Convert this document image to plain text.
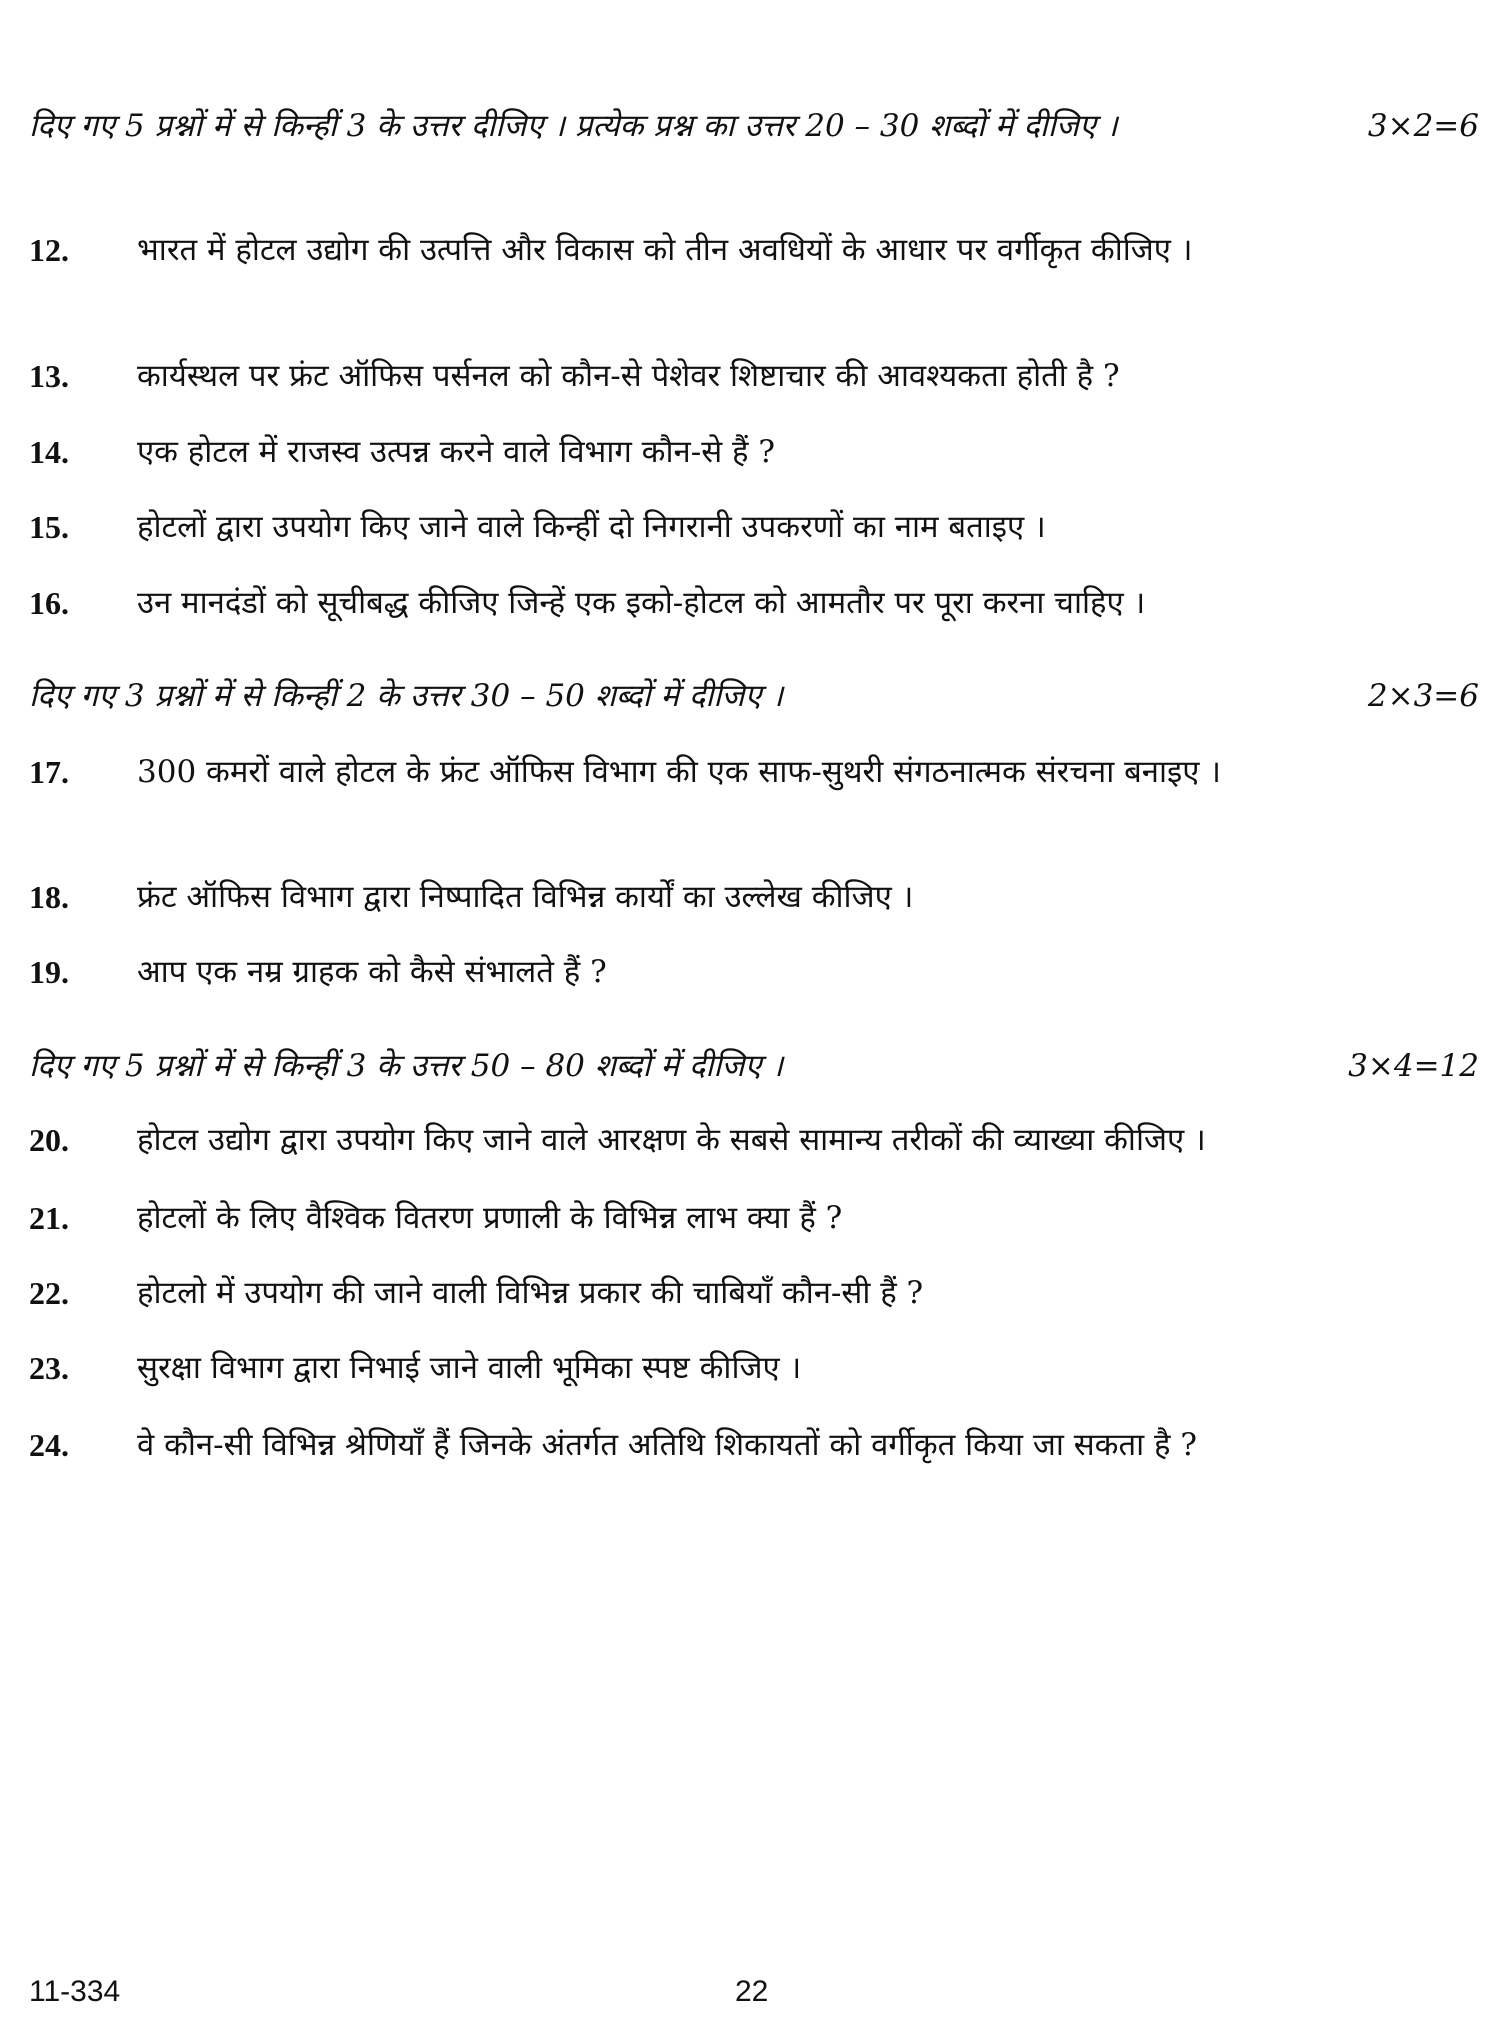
दिए गए 5 प्रश्नों में से किन्हीं 3 के उत्तर दीजिए । प्रत्येक प्रश्न का उत्तर 20 – 30 शब्दों में दीजिए ।	3×2=6
12. भारत में होटल उद्योग की उत्पत्ति और विकास को तीन अवधियों के आधार पर वर्गीकृत कीजिए ।
13. कार्यस्थल पर फ्रंट ऑफिस पर्सनल को कौन-से पेशेवर शिष्टाचार की आवश्यकता होती है ?
14. एक होटल में राजस्व उत्पन्न करने वाले विभाग कौन-से हैं ?
15. होटलों द्वारा उपयोग किए जाने वाले किन्हीं दो निगरानी उपकरणों का नाम बताइए ।
16. उन मानदंडों को सूचीबद्ध कीजिए जिन्हें एक इको-होटल को आमतौर पर पूरा करना चाहिए ।
दिए गए 3 प्रश्नों में से किन्हीं 2 के उत्तर 30 – 50 शब्दों में दीजिए ।	2×3=6
17. 300 कमरों वाले होटल के फ्रंट ऑफिस विभाग की एक साफ-सुथरी संगठनात्मक संरचना बनाइए ।
18. फ्रंट ऑफिस विभाग द्वारा निष्पादित विभिन्न कार्यों का उल्लेख कीजिए ।
19. आप एक नम्र ग्राहक को कैसे संभालते हैं ?
दिए गए 5 प्रश्नों में से किन्हीं 3 के उत्तर 50 – 80 शब्दों में दीजिए ।	3×4=12
20. होटल उद्योग द्वारा उपयोग किए जाने वाले आरक्षण के सबसे सामान्य तरीकों की व्याख्या कीजिए ।
21. होटलों के लिए वैश्विक वितरण प्रणाली के विभिन्न लाभ क्या हैं ?
22. होटलो में उपयोग की जाने वाली विभिन्न प्रकार की चाबियाँ कौन-सी हैं ?
23. सुरक्षा विभाग द्वारा निभाई जाने वाली भूमिका स्पष्ट कीजिए ।
24. वे कौन-सी विभिन्न श्रेणियाँ हैं जिनके अंतर्गत अतिथि शिकायतों को वर्गीकृत किया जा सकता है ?
11-334	22
